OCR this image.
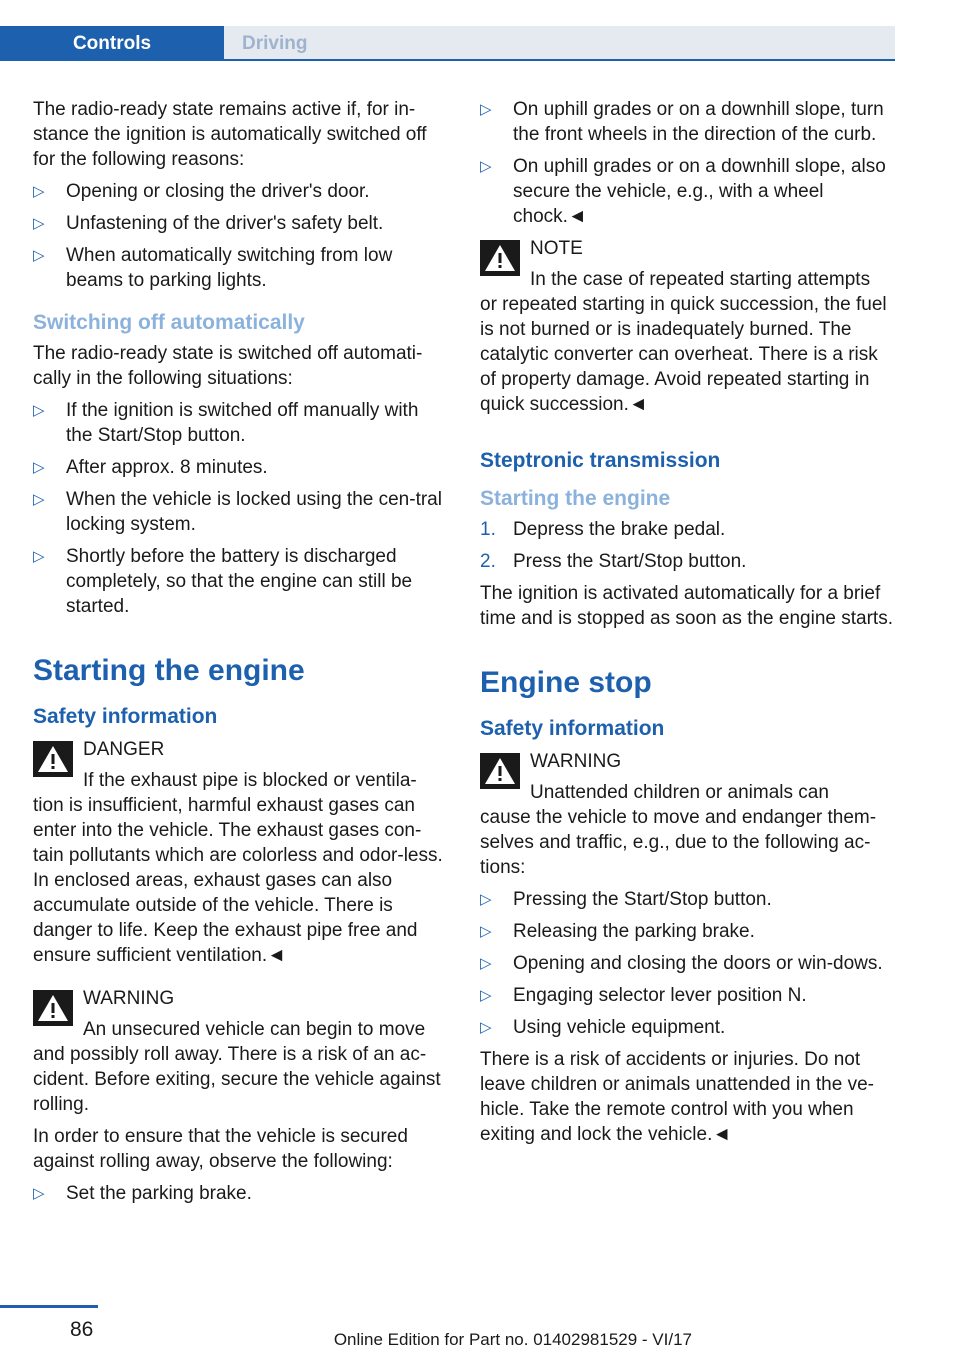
Controls	Driving

The radio-ready state remains active if, for in-stance the ignition is automatically switched off for the following reasons:

▷ Opening or closing the driver's door.
▷ Unfastening of the driver's safety belt.
▷ When automatically switching from low beams to parking lights.
Switching off automatically

The radio-ready state is switched off automati-cally in the following situations:

▷ If the ignition is switched off manually with the Start/Stop button.
▷ After approx. 8 minutes.
▷ When the vehicle is locked using the cen-tral locking system.
▷ Shortly before the battery is discharged completely, so that the engine can still be started.
Starting the engine
Safety information
DANGER
If the exhaust pipe is blocked or ventila-
tion is insufficient, harmful exhaust gases can enter into the vehicle. The exhaust gases con-tain pollutants which are colorless and odor-less. In enclosed areas, exhaust gases can also accumulate outside of the vehicle. There is danger to life. Keep the exhaust pipe free and ensure sufficient ventilation.◄
WARNING
An unsecured vehicle can begin to move
and possibly roll away. There is a risk of an ac-cident. Before exiting, secure the vehicle against rolling.

In order to ensure that the vehicle is secured against rolling away, observe the following:

▷ Set the parking brake.
▷ On uphill grades or on a downhill slope, turn the front wheels in the direction of the curb.
▷ On uphill grades or on a downhill slope, also secure the vehicle, e.g., with a wheel chock.◄
NOTE
In the case of repeated starting attempts
or repeated starting in quick succession, the fuel is not burned or is inadequately burned. The catalytic converter can overheat. There is a risk of property damage. Avoid repeated starting in quick succession.◄
Steptronic transmission
Starting the engine
1. Depress the brake pedal.
2. Press the Start/Stop button.

The ignition is activated automatically for a brief time and is stopped as soon as the engine starts.

Engine stop
Safety information
WARNING
Unattended children or animals can
cause the vehicle to move and endanger them-selves and traffic, e.g., due to the following ac-tions:
▷ Pressing the Start/Stop button.
▷ Releasing the parking brake.
▷ Opening and closing the doors or win-dows.
▷ Engaging selector lever position N.
▷ Using vehicle equipment.

There is a risk of accidents or injuries. Do not leave children or animals unattended in the ve-hicle. Take the remote control with you when exiting and lock the vehicle.◄

86	Online Edition for Part no. 01402981529 - VI/17
